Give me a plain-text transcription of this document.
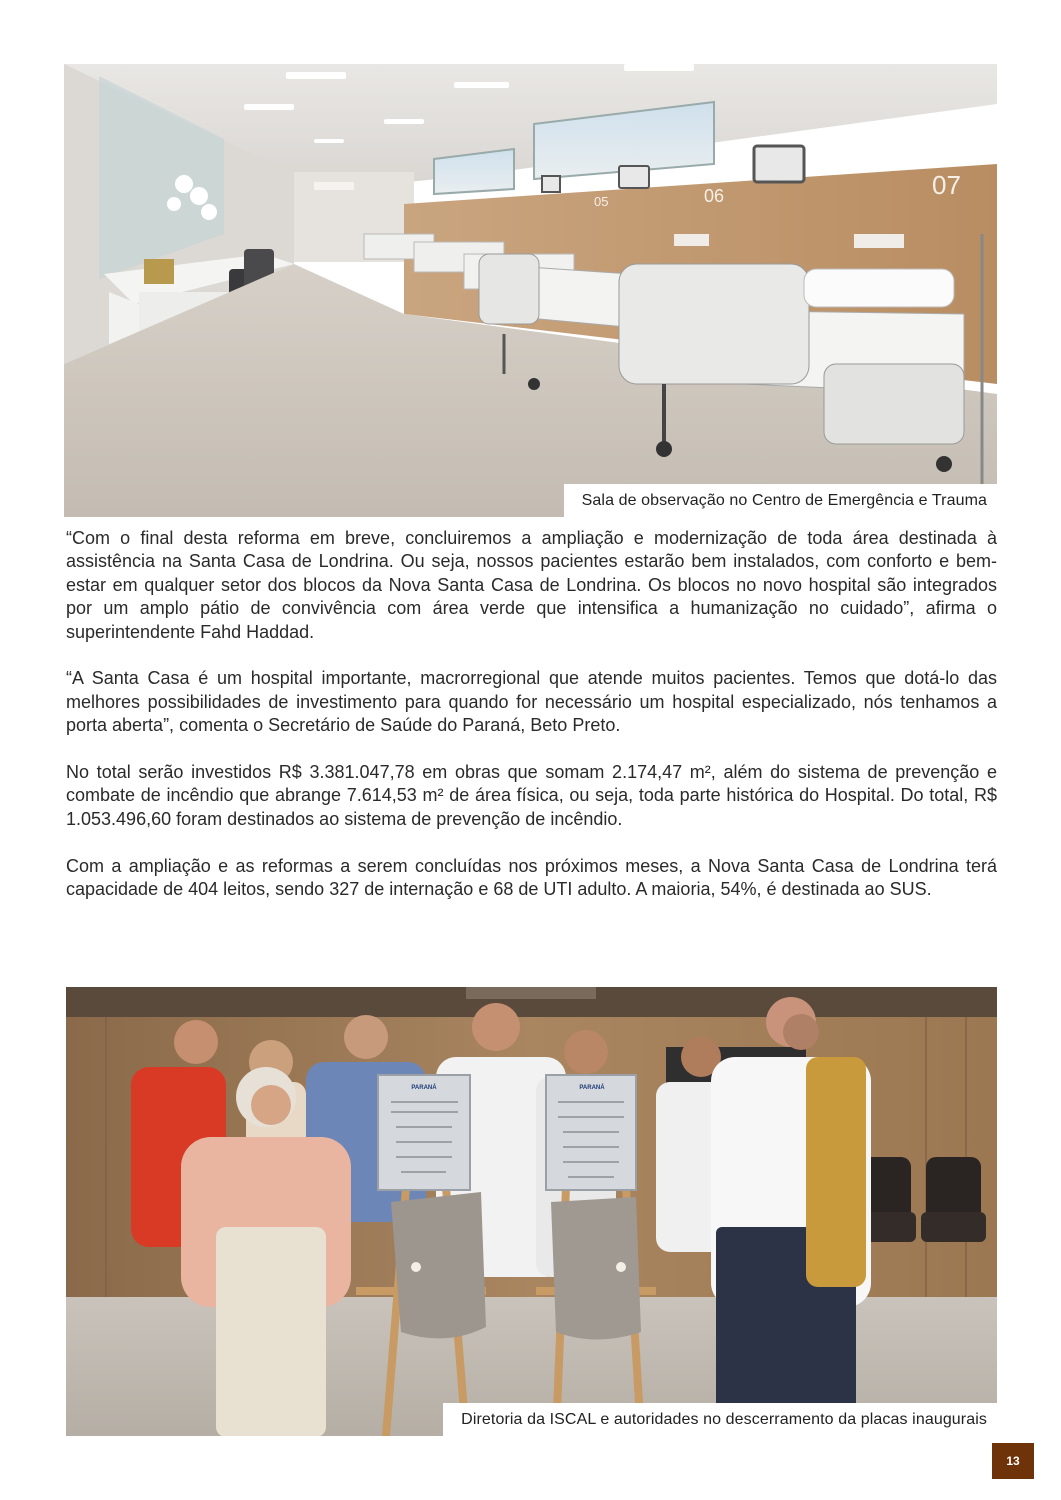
07
06
05
Sala de observação no Centro de Emergência e Trauma

“Com o final desta reforma em breve, concluiremos a ampliação e modernização de toda área destinada à assistência na Santa Casa de Londrina. Ou seja, nossos pacientes estarão bem instalados, com conforto e bem-estar em qualquer setor dos blocos da Nova Santa Casa de Londrina. Os blocos no novo hospital são integrados por um amplo pátio de convivência com área verde que intensifica a humanização no cuidado”, afirma o superintendente Fahd Haddad.

“A Santa Casa é um hospital importante, macrorregional que atende muitos pacientes. Temos que dotá-lo das melhores possibilidades de investimento para quando for necessário um hospital especializado, nós tenhamos a porta aberta”, comenta o Secretário de Saúde do Paraná, Beto Preto.

No total serão investidos R$ 3.381.047,78 em obras que somam 2.174,47 m², além do sistema de prevenção e combate de incêndio que abrange 7.614,53 m² de área física, ou seja, toda parte histórica do Hospital. Do total, R$ 1.053.496,60 foram destinados ao sistema de prevenção de incêndio.

Com a ampliação e as reformas a serem concluídas nos próximos meses, a Nova Santa Casa de Londrina terá capacidade de 404 leitos, sendo 327 de internação e 68 de UTI adulto. A maioria, 54%, é destinada ao SUS.

PARANÁ	PARANÁ
Diretoria da ISCAL e autoridades no descerramento da placas inaugurais
13
